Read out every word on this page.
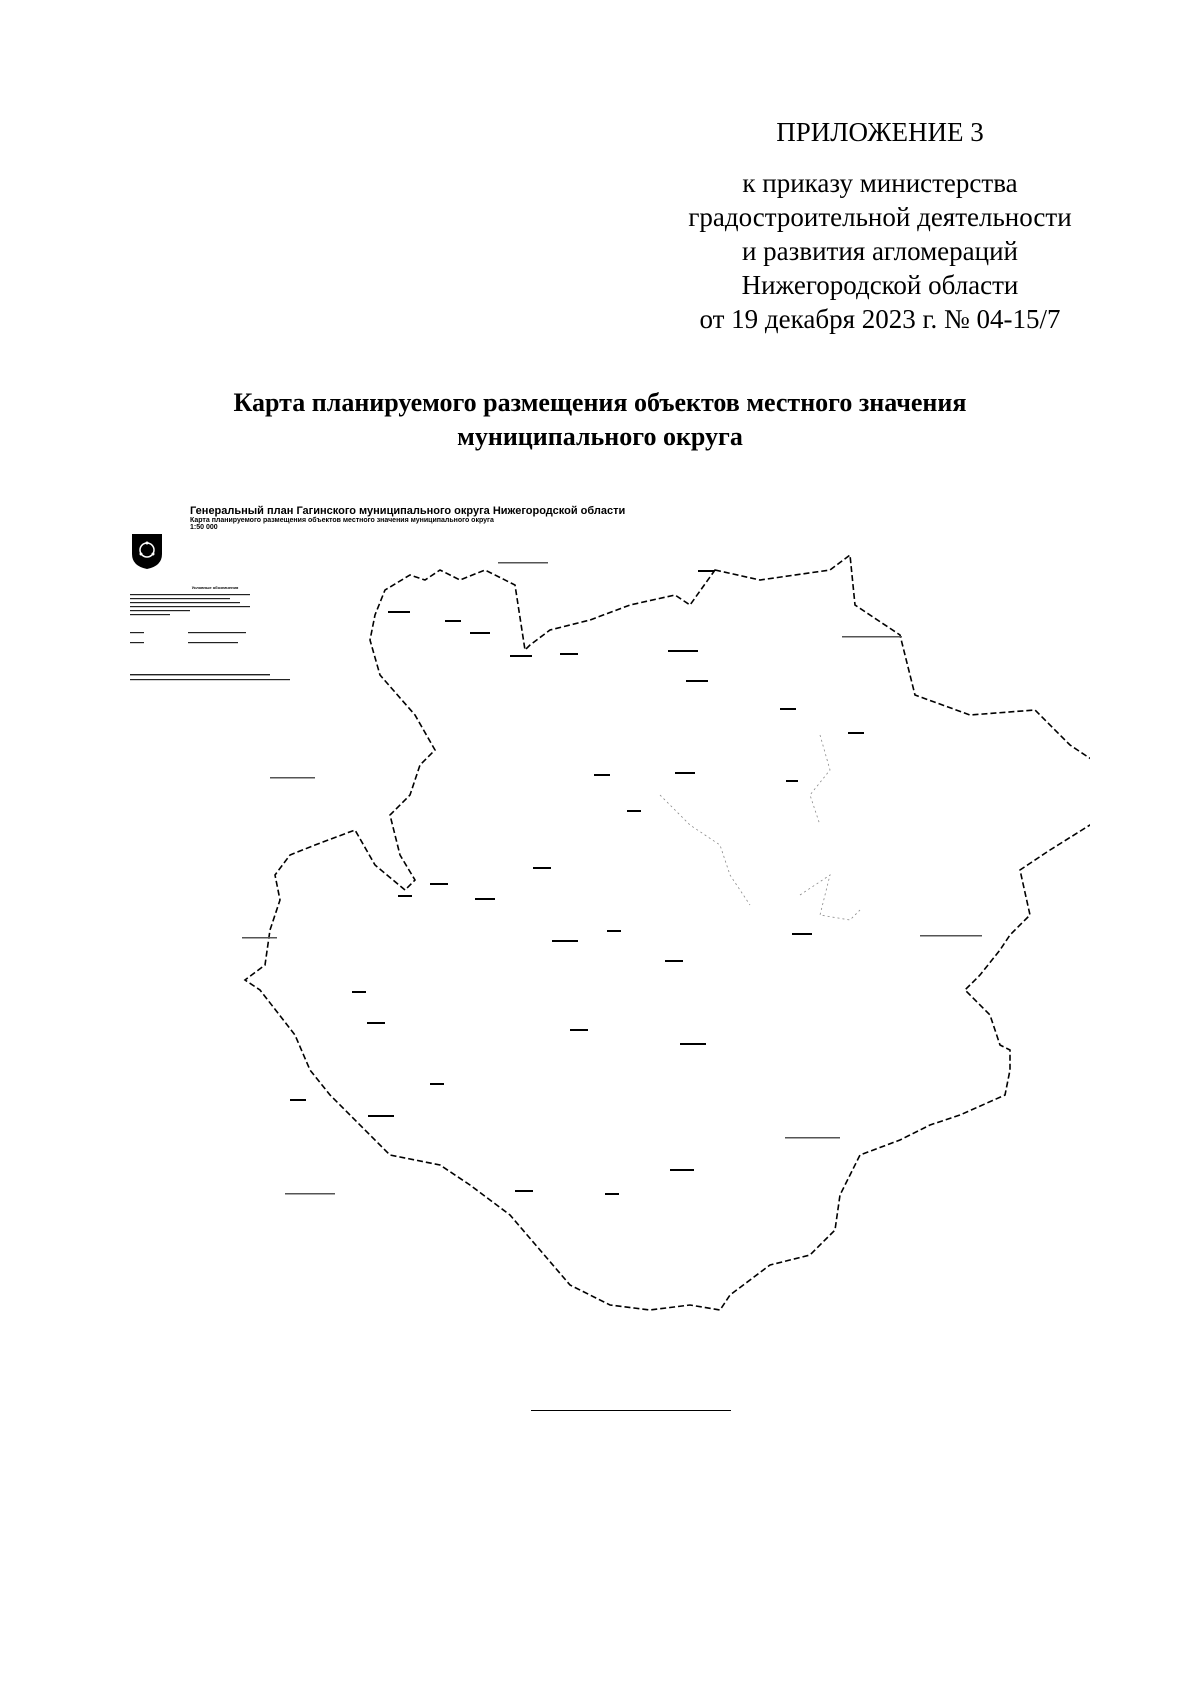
ПРИЛОЖЕНИЕ 3
к приказу министерства
градостроительной деятельности
и развития агломераций
Нижегородской области
от 19 декабря 2023 г. № 04-15/7
Карта планируемого размещения объектов местного значения
муниципального округа
Генеральный план Гагинского муниципального округа Нижегородской области
Карта планируемого размещения объектов местного значения муниципального округа
1:50 000
Условные обозначения
